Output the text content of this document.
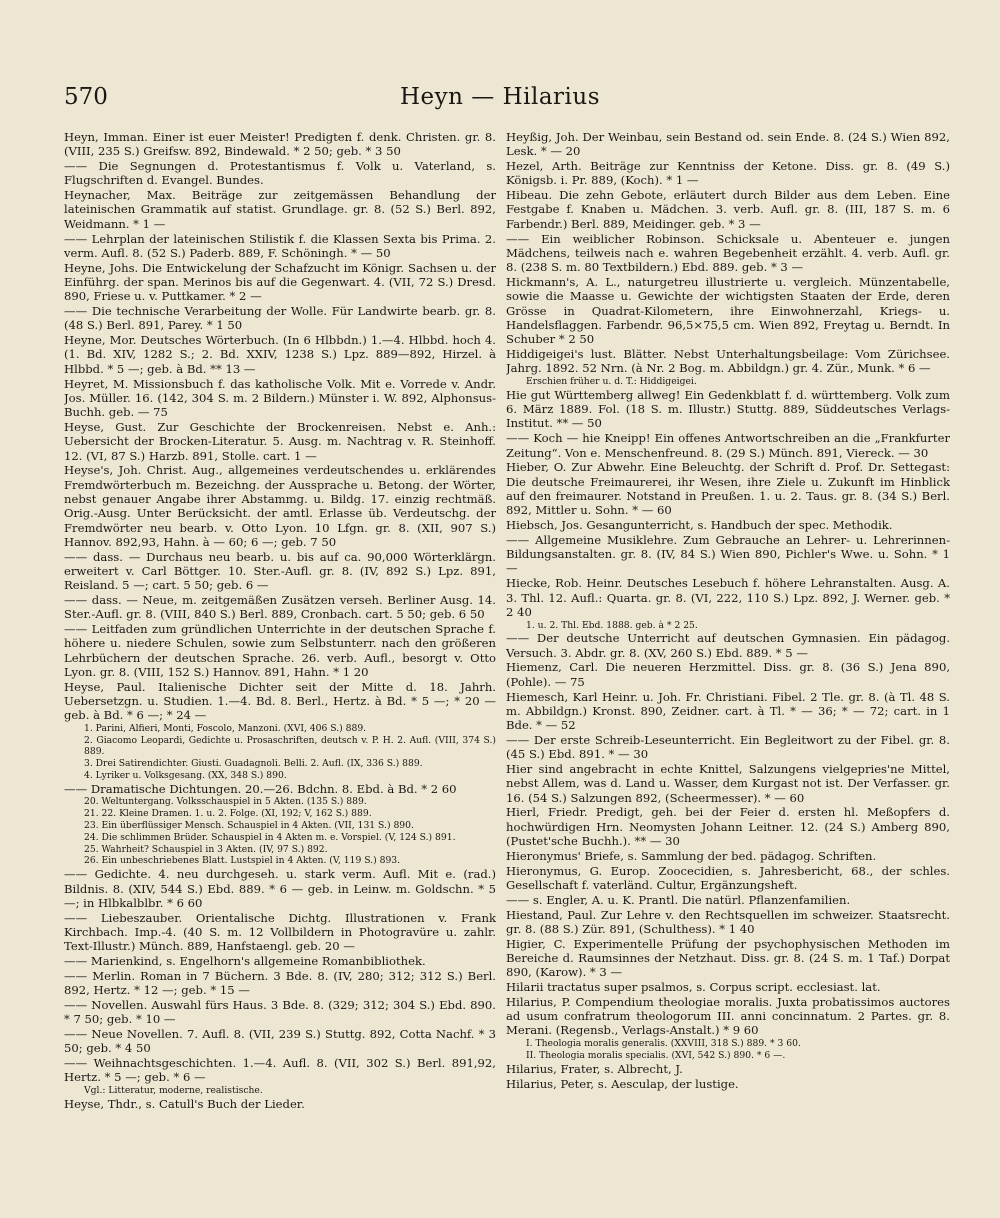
570	Heyn — Hilarius

Heyn, Imman. Einer ist euer Meister! Predigten f. denk. Christen. gr. 8. (VIII, 235 S.) Greifsw. 892, Bindewald. * 2 50; geb. * 3 50

—— Die Segnungen d. Protestantismus f. Volk u. Vaterland, s. Flugschriften d. Evangel. Bundes.

Heynacher, Max. Beiträge zur zeitgemässen Behandlung der lateinischen Grammatik auf statist. Grundlage. gr. 8. (52 S.) Berl. 892, Weidmann. * 1 —

—— Lehrplan der lateinischen Stilistik f. die Klassen Sexta bis Prima. 2. verm. Aufl. 8. (52 S.) Paderb. 889, F. Schöningh. * — 50

Heyne, Johs. Die Entwickelung der Schafzucht im Königr. Sachsen u. der Einführg. der span. Merinos bis auf die Gegenwart. 4. (VII, 72 S.) Dresd. 890, Friese u. v. Puttkamer. * 2 —

—— Die technische Verarbeitung der Wolle. Für Landwirte bearb. gr. 8. (48 S.) Berl. 891, Parey. * 1 50

Heyne, Mor. Deutsches Wörterbuch. (In 6 Hlbbdn.) 1.—4. Hlbbd. hoch 4. (1. Bd. XIV, 1282 S.; 2. Bd. XXIV, 1238 S.) Lpz. 889—892, Hirzel. à Hlbbd. * 5 —; geb. à Bd. ** 13 —

Heyret, M. Missionsbuch f. das katholische Volk. Mit e. Vorrede v. Andr. Jos. Müller. 16. (142, 304 S. m. 2 Bildern.) Münster i. W. 892, Alphonsus-Buchh. geb. — 75

Heyse, Gust. Zur Geschichte der Brockenreisen. Nebst e. Anh.: Uebersicht der Brocken-Literatur. 5. Ausg. m. Nachtrag v. R. Steinhoff. 12. (VI, 87 S.) Harzb. 891, Stolle. cart. 1 —

Heyse's, Joh. Christ. Aug., allgemeines verdeutschendes u. erklärendes Fremdwörterbuch m. Bezeichng. der Aussprache u. Betong. der Wörter, nebst genauer Angabe ihrer Abstammg. u. Bildg. 17. einzig rechtmäß. Orig.-Ausg. Unter Berücksicht. der amtl. Erlasse üb. Verdeutschg. der Fremdwörter neu bearb. v. Otto Lyon. 10 Lfgn. gr. 8. (XII, 907 S.) Hannov. 892,93, Hahn. à — 60; 6 —; geb. 7 50

—— dass. — Durchaus neu bearb. u. bis auf ca. 90,000 Wörterklärgn. erweitert v. Carl Böttger. 10. Ster.-Aufl. gr. 8. (IV, 892 S.) Lpz. 891, Reisland. 5 —; cart. 5 50; geb. 6 —

—— dass. — Neue, m. zeitgemäßen Zusätzen verseh. Berliner Ausg. 14. Ster.-Aufl. gr. 8. (VIII, 840 S.) Berl. 889, Cronbach. cart. 5 50; geb. 6 50

—— Leitfaden zum gründlichen Unterrichte in der deutschen Sprache f. höhere u. niedere Schulen, sowie zum Selbstunterr. nach den größeren Lehrbüchern der deutschen Sprache. 26. verb. Aufl., besorgt v. Otto Lyon. gr. 8. (VIII, 152 S.) Hannov. 891, Hahn. * 1 20

Heyse, Paul. Italienische Dichter seit der Mitte d. 18. Jahrh. Uebersetzgn. u. Studien. 1.—4. Bd. 8. Berl., Hertz. à Bd. * 5 —; * 20 — geb. à Bd. * 6 —; * 24 —

1. Parini, Alfieri, Monti, Foscolo, Manzoni. (XVI, 406 S.) 889.

2. Giacomo Leopardi, Gedichte u. Prosaschriften, deutsch v. P. H. 2. Aufl. (VIII, 374 S.) 889.

3. Drei Satirendichter. Giusti. Guadagnoli. Belli. 2. Aufl. (IX, 336 S.) 889.

4. Lyriker u. Volksgesang. (XX, 348 S.) 890.

—— Dramatische Dichtungen. 20.—26. Bdchn. 8. Ebd. à Bd. * 2 60

20. Weltuntergang. Volksschauspiel in 5 Akten. (135 S.) 889.

21. 22. Kleine Dramen. 1. u. 2. Folge. (XI, 192; V, 162 S.) 889.

23. Ein überflüssiger Mensch. Schauspiel in 4 Akten. (VII, 131 S.) 890.

24. Die schlimmen Brüder. Schauspiel in 4 Akten m. e. Vorspiel. (V, 124 S.) 891.

25. Wahrheit? Schauspiel in 3 Akten. (IV, 97 S.) 892.

26. Ein unbeschriebenes Blatt. Lustspiel in 4 Akten. (V, 119 S.) 893.

—— Gedichte. 4. neu durchgeseh. u. stark verm. Aufl. Mit e. (rad.) Bildnis. 8. (XIV, 544 S.) Ebd. 889. * 6 — geb. in Leinw. m. Goldschn. * 5 —; in Hlbkalblbr. * 6 60

—— Liebeszauber. Orientalische Dichtg. Illustrationen v. Frank Kirchbach. Imp.-4. (40 S. m. 12 Vollbildern in Photogravüre u. zahlr. Text-Illustr.) Münch. 889, Hanfstaengl. geb. 20 —

—— Marienkind, s. Engelhorn's allgemeine Romanbibliothek.

—— Merlin. Roman in 7 Büchern. 3 Bde. 8. (IV, 280; 312; 312 S.) Berl. 892, Hertz. * 12 —; geb. * 15 —

—— Novellen. Auswahl fürs Haus. 3 Bde. 8. (329; 312; 304 S.) Ebd. 890. * 7 50; geb. * 10 —

—— Neue Novellen. 7. Aufl. 8. (VII, 239 S.) Stuttg. 892, Cotta Nachf. * 3 50; geb. * 4 50

—— Weihnachtsgeschichten. 1.—4. Aufl. 8. (VII, 302 S.) Berl. 891,92, Hertz. * 5 —; geb. * 6 —

Vgl.: Litteratur, moderne, realistische.

Heyse, Thdr., s. Catull's Buch der Lieder.

Heyßig, Joh. Der Weinbau, sein Bestand od. sein Ende. 8. (24 S.) Wien 892, Lesk. * — 20

Hezel, Arth. Beiträge zur Kenntniss der Ketone. Diss. gr. 8. (49 S.) Königsb. i. Pr. 889, (Koch). * 1 —

Hibeau. Die zehn Gebote, erläutert durch Bilder aus dem Leben. Eine Festgabe f. Knaben u. Mädchen. 3. verb. Aufl. gr. 8. (III, 187 S. m. 6 Farbendr.) Berl. 889, Meidinger. geb. * 3 —

—— Ein weiblicher Robinson. Schicksale u. Abenteuer e. jungen Mädchens, teilweis nach e. wahren Begebenheit erzählt. 4. verb. Aufl. gr. 8. (238 S. m. 80 Textbildern.) Ebd. 889. geb. * 3 —

Hickmann's, A. L., naturgetreu illustrierte u. vergleich. Münzentabelle, sowie die Maasse u. Gewichte der wichtigsten Staaten der Erde, deren Grösse in Quadrat-Kilometern, ihre Einwohnerzahl, Kriegs- u. Handelsflaggen. Farbendr. 96,5×75,5 cm. Wien 892, Freytag u. Berndt. In Schuber * 2 50

Hiddigeigei's lust. Blätter. Nebst Unterhaltungsbeilage: Vom Zürichsee. Jahrg. 1892. 52 Nrn. (à Nr. 2 Bog. m. Abbildgn.) gr. 4. Zür., Munk. * 6 —

Erschien früher u. d. T.: Hiddigeigei.

Hie gut Württemberg allweg! Ein Gedenkblatt f. d. württemberg. Volk zum 6. März 1889. Fol. (18 S. m. Illustr.) Stuttg. 889, Süddeutsches Verlags-Institut. ** — 50

—— Koch — hie Kneipp! Ein offenes Antwortschreiben an die „Frankfurter Zeitung“. Von e. Menschenfreund. 8. (29 S.) Münch. 891, Viereck. — 30

Hieber, O. Zur Abwehr. Eine Beleuchtg. der Schrift d. Prof. Dr. Settegast: Die deutsche Freimaurerei, ihr Wesen, ihre Ziele u. Zukunft im Hinblick auf den freimaurer. Notstand in Preußen. 1. u. 2. Taus. gr. 8. (34 S.) Berl. 892, Mittler u. Sohn. * — 60

Hiebsch, Jos. Gesangunterricht, s. Handbuch der spec. Methodik.

—— Allgemeine Musiklehre. Zum Gebrauche an Lehrer- u. Lehrerinnen-Bildungsanstalten. gr. 8. (IV, 84 S.) Wien 890, Pichler's Wwe. u. Sohn. * 1 —

Hiecke, Rob. Heinr. Deutsches Lesebuch f. höhere Lehranstalten. Ausg. A. 3. Thl. 12. Aufl.: Quarta. gr. 8. (VI, 222, 110 S.) Lpz. 892, J. Werner. geb. * 2 40

1. u. 2. Thl. Ebd. 1888. geb. à * 2 25.

—— Der deutsche Unterricht auf deutschen Gymnasien. Ein pädagog. Versuch. 3. Abdr. gr. 8. (XV, 260 S.) Ebd. 889. * 5 —

Hiemenz, Carl. Die neueren Herzmittel. Diss. gr. 8. (36 S.) Jena 890, (Pohle). — 75

Hiemesch, Karl Heinr. u. Joh. Fr. Christiani. Fibel. 2 Tle. gr. 8. (à Tl. 48 S. m. Abbildgn.) Kronst. 890, Zeidner. cart. à Tl. * — 36; * — 72; cart. in 1 Bde. * — 52

—— Der erste Schreib-Leseunterricht. Ein Begleitwort zu der Fibel. gr. 8. (45 S.) Ebd. 891. * — 30

Hier sind angebracht in echte Knittel, Salzungens vielgepries'ne Mittel, nebst Allem, was d. Land u. Wasser, dem Kurgast not ist. Der Verfasser. gr. 16. (54 S.) Salzungen 892, (Scheermesser). * — 60

Hierl, Friedr. Predigt, geh. bei der Feier d. ersten hl. Meßopfers d. hochwürdigen Hrn. Neomysten Johann Leitner. 12. (24 S.) Amberg 890, (Pustet'sche Buchh.). ** — 30

Hieronymus' Briefe, s. Sammlung der bed. pädagog. Schriften.

Hieronymus, G. Europ. Zoocecidien, s. Jahresbericht, 68., der schles. Gesellschaft f. vaterländ. Cultur, Ergänzungsheft.

—— s. Engler, A. u. K. Prantl. Die natürl. Pflanzenfamilien.

Hiestand, Paul. Zur Lehre v. den Rechtsquellen im schweizer. Staatsrecht. gr. 8. (88 S.) Zür. 891, (Schulthess). * 1 40

Higier, C. Experimentelle Prüfung der psychophysischen Methoden im Bereiche d. Raumsinnes der Netzhaut. Diss. gr. 8. (24 S. m. 1 Taf.) Dorpat 890, (Karow). * 3 —

Hilarii tractatus super psalmos, s. Corpus script. ecclesiast. lat.

Hilarius, P. Compendium theologiae moralis. Juxta probatissimos auctores ad usum confratrum theologorum III. anni concinnatum. 2 Partes. gr. 8. Merani. (Regensb., Verlags-Anstalt.) * 9 60

I. Theologia moralis generalis. (XXVIII, 318 S.) 889. * 3 60.

II. Theologia moralis specialis. (XVI, 542 S.) 890. * 6 —.

Hilarius, Frater, s. Albrecht, J.

Hilarius, Peter, s. Aesculap, der lustige.
